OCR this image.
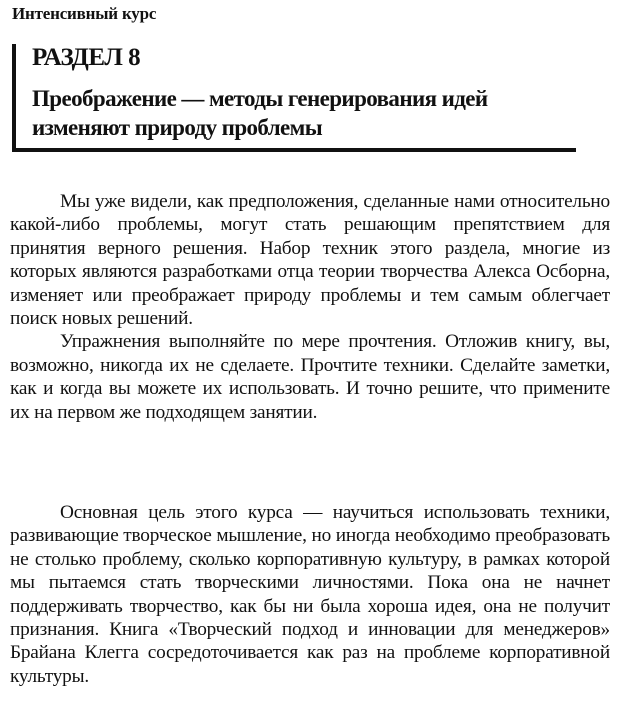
Интенсивный курс
РАЗДЕЛ 8
Преображение — методы генерирования идей изменяют природу проблемы

Мы уже видели, как предположения, сделанные нами относительно какой-либо проблемы, могут стать решающим препятствием для принятия верного решения. Набор техник этого раздела, многие из которых являются разработками отца теории творчества Алекса Осборна, изменяет или преображает природу проблемы и тем самым облегчает поиск новых решений.

Упражнения выполняйте по мере прочтения. Отложив книгу, вы, возможно, никогда их не сделаете. Прочтите техники. Сделайте заметки, как и когда вы можете их использовать. И точно решите, что примените их на первом же подходящем занятии.

Основная цель этого курса — научиться использовать техники, развивающие творческое мышление, но иногда необходимо преобразовать не столько проблему, сколько корпоративную культуру, в рамках которой мы пытаемся стать творческими личностями. Пока она не начнет поддерживать творчество, как бы ни была хороша идея, она не получит признания. Книга «Творческий подход и инновации для менеджеров» Брайана Клегга сосредоточивается как раз на проблеме корпоративной культуры.
